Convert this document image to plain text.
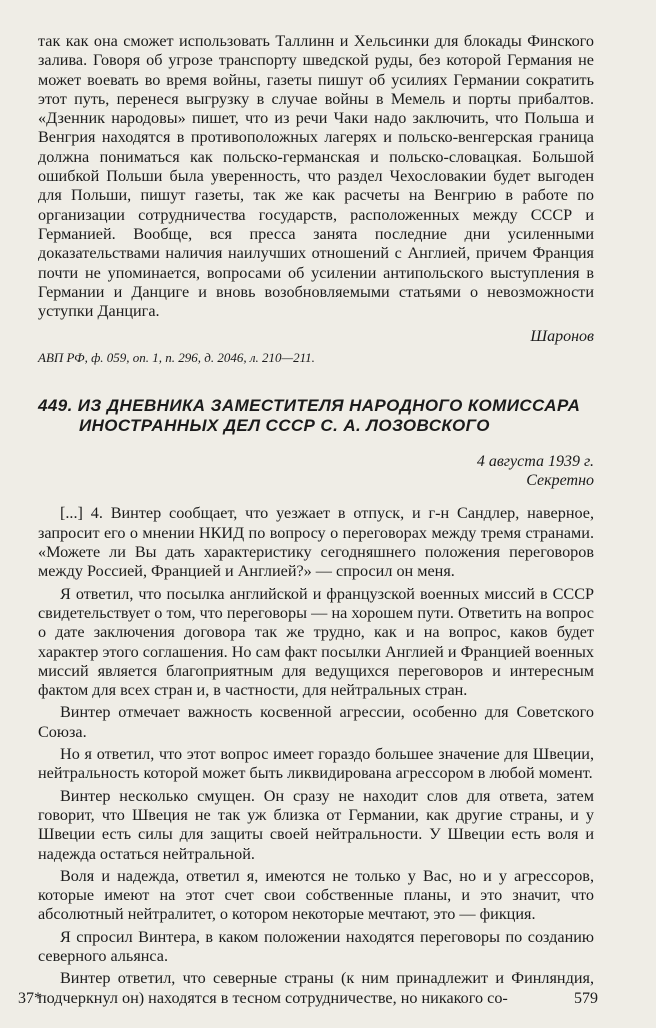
так как она сможет использовать Таллинн и Хельсинки для блокады Финского залива. Говоря об угрозе транспорту шведской руды, без которой Германия не может воевать во время войны, газеты пишут об усилиях Германии сократить этот путь, перенеся выгрузку в случае войны в Мемель и порты прибалтов. «Дзенник народовы» пишет, что из речи Чаки надо заключить, что Польша и Венгрия находятся в противоположных лагерях и польско-венгерская граница должна пониматься как польско-германская и польско-словацкая. Большой ошибкой Польши была уверенность, что раздел Чехословакии будет выгоден для Польши, пишут газеты, так же как расчеты на Венгрию в работе по организации сотрудничества государств, расположенных между СССР и Германией. Вообще, вся пресса занята последние дни усиленными доказательствами наличия наилучших отношений с Англией, причем Франция почти не упоминается, вопросами об усилении антипольского выступления в Германии и Данциге и вновь возобновляемыми статьями о невозможности уступки Данцига.

Шаронов
АВП РФ, ф. 059, оп. 1, п. 296, д. 2046, л. 210—211.
449. ИЗ ДНЕВНИКА ЗАМЕСТИТЕЛЯ НАРОДНОГО КОМИССАРА
ИНОСТРАННЫХ ДЕЛ СССР С. А. ЛОЗОВСКОГО
4 августа 1939 г.
Секретно

[...] 4. Винтер сообщает, что уезжает в отпуск, и г-н Сандлер, наверное, запросит его о мнении НКИД по вопросу о переговорах между тремя странами. «Можете ли Вы дать характеристику сегодняшнего положения переговоров между Россией, Францией и Англией?» — спросил он меня.

Я ответил, что посылка английской и французской военных миссий в СССР свидетельствует о том, что переговоры — на хорошем пути. Ответить на вопрос о дате заключения договора так же трудно, как и на вопрос, каков будет характер этого соглашения. Но сам факт посылки Англией и Францией военных миссий является благоприятным для ведущихся переговоров и интересным фактом для всех стран и, в частности, для нейтральных стран.

Винтер отмечает важность косвенной агрессии, особенно для Советского Союза.

Но я ответил, что этот вопрос имеет гораздо большее значение для Швеции, нейтральность которой может быть ликвидирована агрессором в любой момент.

Винтер несколько смущен. Он сразу не находит слов для ответа, затем говорит, что Швеция не так уж близка от Германии, как другие страны, и у Швеции есть силы для защиты своей нейтральности. У Швеции есть воля и надежда остаться нейтральной.

Воля и надежда, ответил я, имеются не только у Вас, но и у агрессоров, которые имеют на этот счет свои собственные планы, и это значит, что абсолютный нейтралитет, о котором некоторые мечтают, это — фикция.

Я спросил Винтера, в каком положении находятся переговоры по созданию северного альянса.

Винтер ответил, что северные страны (к ним принадлежит и Финляндия, подчеркнул он) находятся в тесном сотрудничестве, но никакого со-

37*	579
